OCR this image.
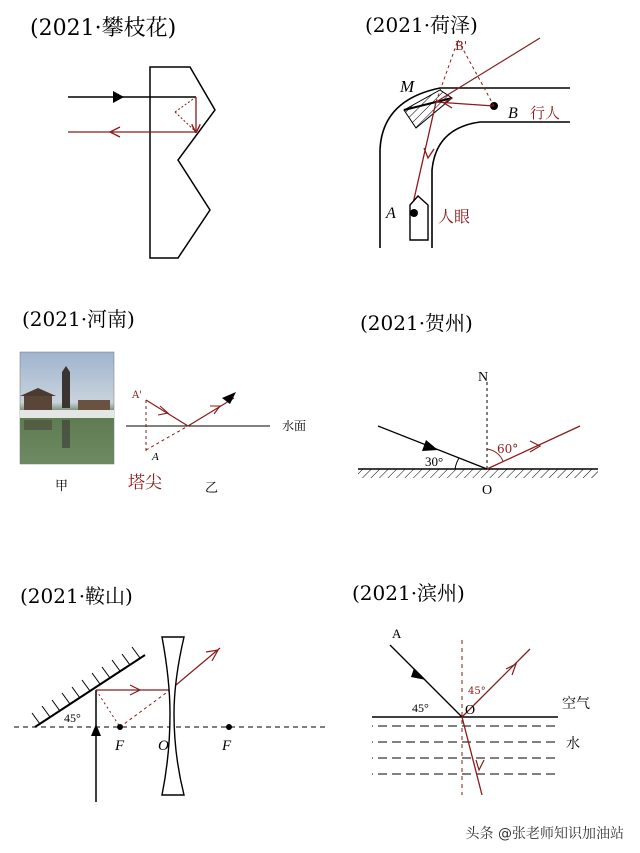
(2021·攀枝花)	(2021·荷泽)
M
B 行人
B'
A	人眼
(2021·河南)
甲
水面
A'
A
塔尖	乙
(2021·贺州)
N
30°
60°
O
(2021·鞍山)
45°
F O	F
(2021·滨州)
A
45°
45°
O	空气
水
头条 @张老师知识加油站
